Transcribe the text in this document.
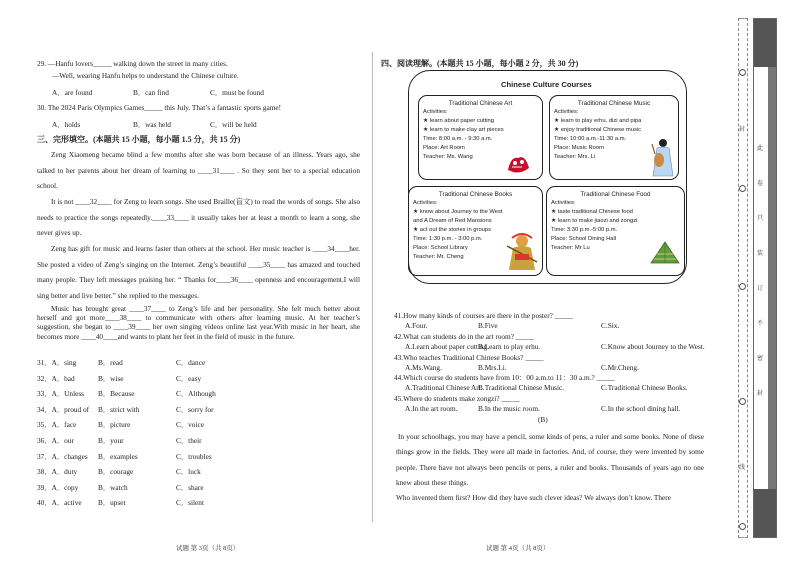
29. —Hanfu lovers_____ walking down the street in many cities.
—Well, wearing Hanfu helps to understand the Chinese culture.
A．are found	B．can find	C．must be found
30. The 2024 Paris Olympics Games_____ this July. That’s a fantastic sports game!
A．holds	B．was held	C．will be held
三、完形填空。(本题共 15 小题，每小题 1.5 分，共 15 分)
Zeng Xiaomeng became blind a few months after she was born because of an illness. Years ago, she talked to her parents about her dream of learning to ____31____ . So they sent her to a special education school.
It is not ____32____ for Zeng to learn songs. She used Braille(盲文) to read the words of songs. She also needs to practice the songs repeatedly.____33____ it usually takes her at least a month to learn a song, she never gives up.
Zeng has gift for music and learns faster than others at the school. Her music teacher is ____34____her. She posted a video of Zeng’s singing on the Internet. Zeng’s beautiful ____35____ has amazed and touched many people. They left messages praising her. “ Thanks for____36____ openness and encouragement.I will sing better and live better.” she replied to the messages.
Music has brought great ____37____ to Zeng’s life and her personality. She felt much better about herself and got more____38____ to communicate with others after learning music. At her teacher’s suggestion, she began to ____39____ her own singing videos online last year.With music in her heart, she becomes more ____40____and wants to plant her feet in the field of music in the future.
31．A．sing	B．read	C．dance
32．A．bad	B．wise	C．easy
33．A．Unless B．Because	C．Although
34．A．proud of B．strict with	C．sorry for
35．A．face	B．picture	C．voice
36．A．our	B．your	C．their
37．A．changes B．examples	C．troubles
38．A．duty	B．courage	C．luck
39．A．copy	B．watch	C．share
40．A．active B．upset	C．silent
试题 第 3页（共 8页）
四、阅读理解。(本题共 15 小题，每小题 2 分，共 30 分)
Chinese Culture Courses
Traditional Chinese Art
Activities:
★ learn about paper cutting
★ learn to make clay art pieces
Time: 8:00 a.m. - 9:30 a.m.
Place: Art Room
Teacher: Ms. Wang
Traditional Chinese Music
Activities:
★ learn to play erhu, dizi and pipa
★ enjoy traditional Chinese music
Time: 10:00 a.m.-11:30 a.m.
Place: Music Room
Teacher: Mrs. Li
Traditional Chinese Books
Activities:
★ know about Journey to the West
and A Dream of Red Mansions
★ act out the stories in groups
Time: 1:30 p.m. - 3:00 p.m.
Place: School Library
Teacher: Mr. Cheng
Traditional Chinese Food
Activities:
★ taste traditional Chinese food
★ learn to make jiaozi and zongzi
Time: 3:30 p.m.-5:00 p.m.
Place: School Dining Hall
Teacher: Mr Lu
41.How many kinds of courses are there in the poster? _____
A.Four.	B.Five	C.Six.
42.What can students do in the art room? _____
A.Learn about paper cutting.
B.Learn to play erhu.	C.Know about Journey to the West.
43.Who teaches Traditional Chinese Books? _____
A.Ms.Wang.	B.Mrs.Li.	C.Mr.Cheng.
44.Which course do students have from 10：00 a.m.to 11：30 a.m.? _____
A.Traditional Chinese Art.
B.Traditional Chinese Music.	C.Traditional Chinese Books.
45.Where do students make zongzi? _____
A.In the art room.	B.In the music room.	C.In the school dining hall.
(B)
In your schoolbags, you may have a pencil, some kinds of pens, a ruler and some books. None of these things grow in the fields. They were all made in factories. And, of course, they were invented by some people. There have not always been pencils or pens, a ruler and books. Thousands of years ago no one knew about these things.
Who invented them first? How did they have such clever ideas? We always don’t know. There
试题 第 4页（共 8页）
封
线
此
卷
只
装
订
不
密
封
